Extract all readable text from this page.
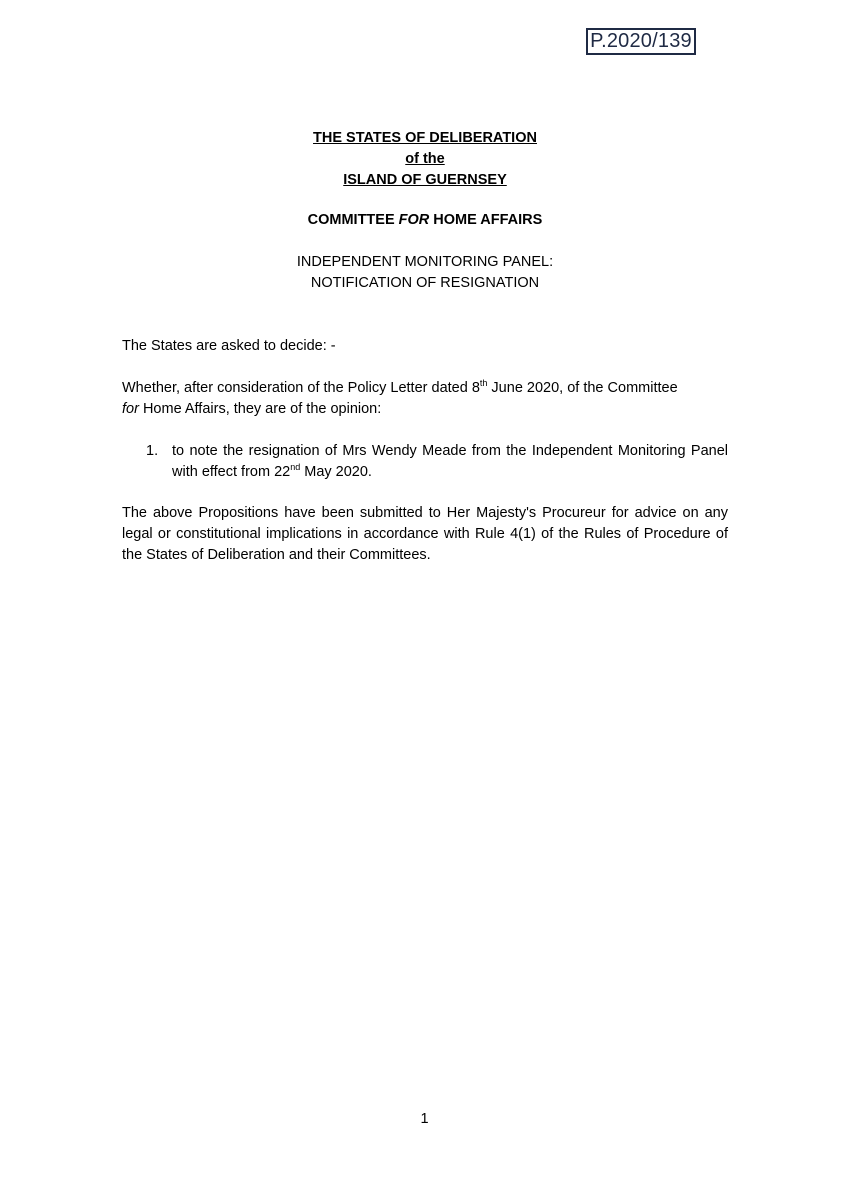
P.2020/139
THE STATES OF DELIBERATION
of the
ISLAND OF GUERNSEY
COMMITTEE FOR HOME AFFAIRS
INDEPENDENT MONITORING PANEL:
NOTIFICATION OF RESIGNATION
The States are asked to decide: -
Whether, after consideration of the Policy Letter dated 8th June 2020, of the Committee
for Home Affairs, they are of the opinion:
1. to note the resignation of Mrs Wendy Meade from the Independent Monitoring Panel with effect from 22nd May 2020.
The above Propositions have been submitted to Her Majesty's Procureur for advice on any legal or constitutional implications in accordance with Rule 4(1) of the Rules of Procedure of the States of Deliberation and their Committees.
1
